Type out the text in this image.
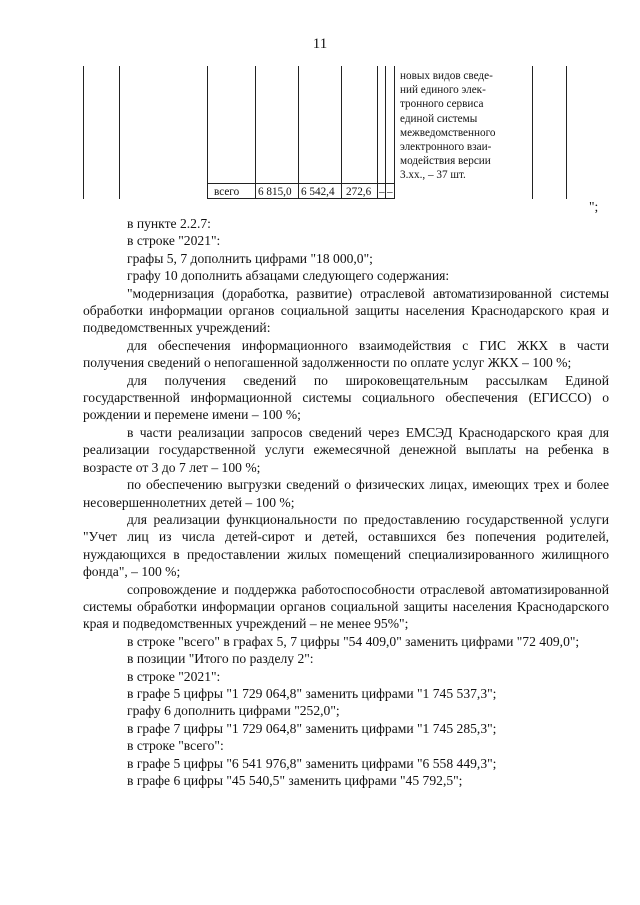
11
новых видов сведе-
ний единого элек-
тронного сервиса
единой системы
межведомственного
электронного взаи-
модействия версии
3.хх., – 37 шт.
всего 6 815,0 6 542,4 272,6 – –
";

в пункте 2.2.7:

в строке "2021":

графы 5, 7 дополнить цифрами "18 000,0";

графу 10 дополнить абзацами следующего содержания:

"модернизация (доработка, развитие) отраслевой автоматизированной системы обработки информации органов социальной защиты населения Краснодарского края и подведомственных учреждений:

для обеспечения информационного взаимодействия с ГИС ЖКХ в части получения сведений о непогашенной задолженности по оплате услуг ЖКХ – 100 %;

для получения сведений по широковещательным рассылкам Единой государственной информационной системы социального обеспечения (ЕГИССО) о рождении и перемене имени – 100 %;

в части реализации запросов сведений через ЕМСЭД Краснодарского края для реализации государственной услуги ежемесячной денежной выплаты на ребенка в возрасте от 3 до 7 лет – 100 %;

по обеспечению выгрузки сведений о физических лицах, имеющих трех и более несовершеннолетних детей – 100 %;

для реализации функциональности по предоставлению государственной услуги "Учет лиц из числа детей-сирот и детей, оставшихся без попечения родителей, нуждающихся в предоставлении жилых помещений специализированного жилищного фонда", – 100 %;

сопровождение и поддержка работоспособности отраслевой автоматизированной системы обработки информации органов социальной защиты населения Краснодарского края и подведомственных учреждений – не менее 95%";

в строке "всего" в графах 5, 7 цифры "54 409,0" заменить цифрами "72 409,0";

в позиции "Итого по разделу 2":

в строке "2021":

в графе 5 цифры "1 729 064,8" заменить цифрами "1 745 537,3";

графу 6 дополнить цифрами "252,0";

в графе 7 цифры "1 729 064,8" заменить цифрами "1 745 285,3";

в строке "всего":

в графе 5 цифры "6 541 976,8" заменить цифрами "6 558 449,3";

в графе 6 цифры "45 540,5" заменить цифрами "45 792,5";
